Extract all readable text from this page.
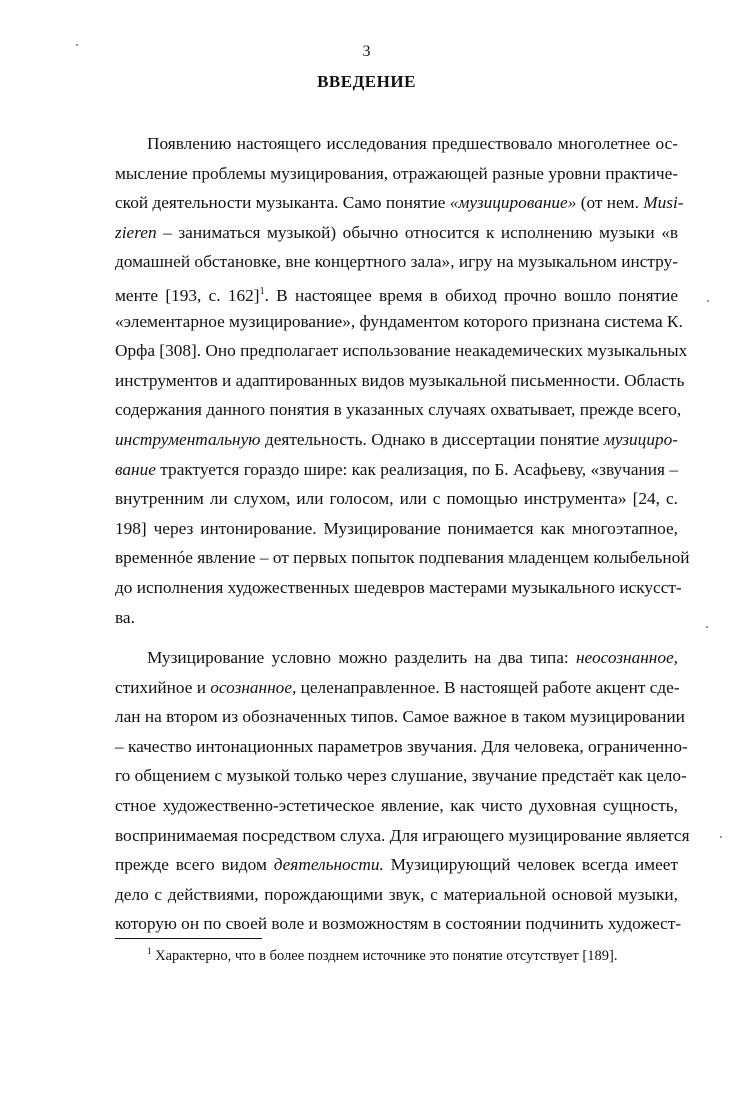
3
ВВЕДЕНИЕ
Появлению настоящего исследования предшествовало многолетнее ос-
мысление проблемы музицирования, отражающей разные уровни практиче-
ской деятельности музыканта. Само понятие «музицирование» (от нем. Musi-
zieren – заниматься музыкой) обычно относится к исполнению музыки «в
домашней обстановке, вне концертного зала», игру на музыкальном инстру-
менте [193, с. 162]$^1$. В настоящее время в обиход прочно вошло понятие
«элементарное музицирование», фундаментом которого признана система К.
Орфа [308]. Оно предполагает использование неакадемических музыкальных
инструментов и адаптированных видов музыкальной письменности. Область
содержания данного понятия в указанных случаях охватывает, прежде всего,
инструментальную деятельность. Однако в диссертации понятие музициро-
вание трактуется гораздо шире: как реализация, по Б. Асафьеву, «звучания –
внутренним ли слухом, или голосом, или с помощью инструмента» [24, с.
198] через интонирование. Музицирование понимается как многоэтапное,
временнóе явление – от первых попыток подпевания младенцем колыбельной
до исполнения художественных шедевров мастерами музыкального искусст-
ва.
Музицирование условно можно разделить на два типа: неосознанное,
стихийное и осознанное, целенаправленное. В настоящей работе акцент сде-
лан на втором из обозначенных типов. Самое важное в таком музицировании
– качество интонационных параметров звучания. Для человека, ограниченно-
го общением с музыкой только через слушание, звучание предстаёт как цело-
стное художественно-эстетическое явление, как чисто духовная сущность,
воспринимаемая посредством слуха. Для играющего музицирование является
прежде всего видом деятельности. Музицирующий человек всегда имеет
дело с действиями, порождающими звук, с материальной основой музыки,
которую он по своей воле и возможностям в состоянии подчинить художест-
$^1$ Характерно, что в более позднем источнике это понятие отсутствует [189].
